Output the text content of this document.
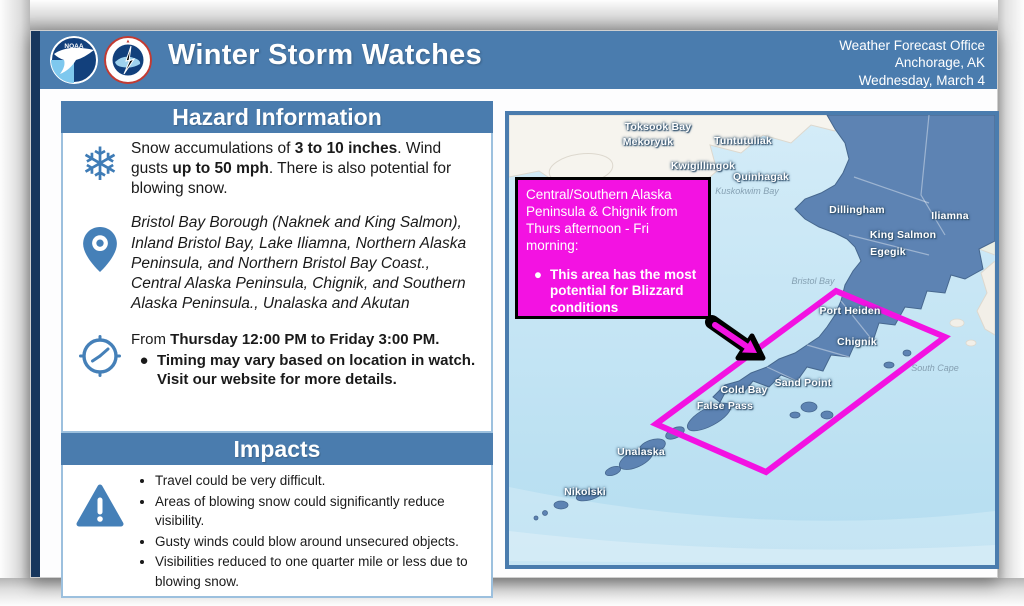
NOAA
▲ Winter Storm Watches	Weather Forecast Office
Anchorage, AK
Wednesday, March 4
Hazard Information
❄ Snow accumulations of 3 to 10 inches. Wind gusts up to 50 mph. There is also potential for blowing snow.
Bristol Bay Borough (Naknek and King Salmon), Inland Bristol Bay, Lake Iliamna, Northern Alaska Peninsula, and Northern Bristol Bay Coast., Central Alaska Peninsula, Chignik, and Southern Alaska Peninsula., Unalaska and Akutan
From Thursday 12:00 PM to Friday 3:00 PM.
● Timing may vary based on location in watch. Visit our website for more details.
Impacts
• Travel could be very difficult.
• Areas of blowing snow could significantly reduce visibility.
• Gusty winds could blow around unsecured objects.
• Visibilities reduced to one quarter mile or less due to blowing snow.
Toksook Bay
Mekoryuk	Tuntutuliak
Kwigillingok
Quinhagak
Kuskokwim Bay
Dillingham
King Salmon
Egegik
Iliamna
Bristol Bay
Port Heiden
Chignik
South Cape
Cold Bay
Sand Point
False Pass
Unalaska
Nikolski
Central/Southern Alaska Peninsula & Chignik from Thurs afternoon - Fri morning:
● This area has the most potential for Blizzard conditions
